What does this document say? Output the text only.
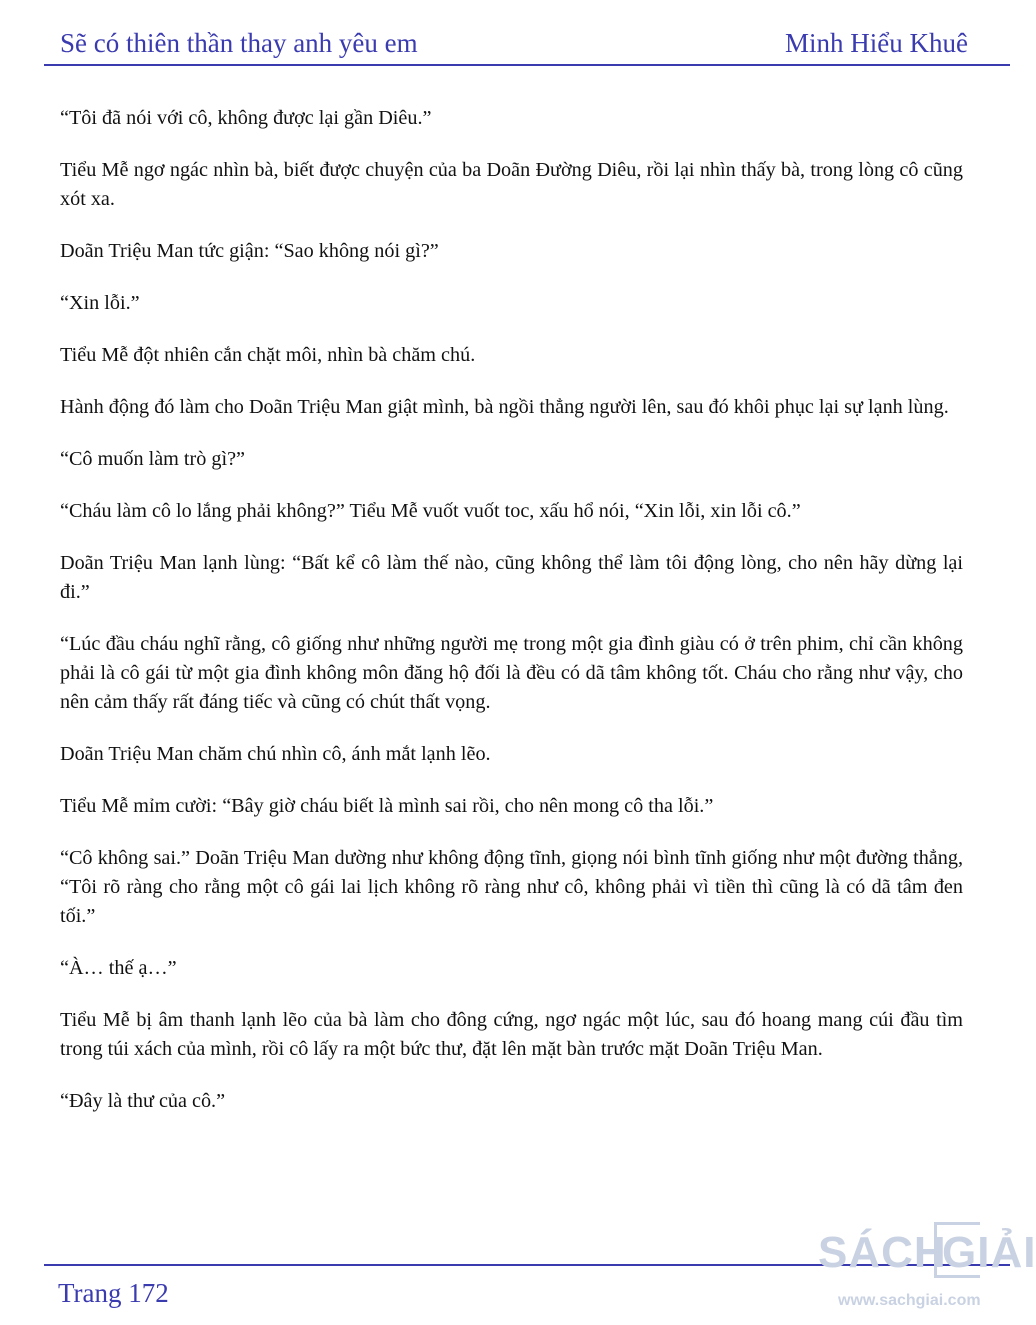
Sẽ có thiên thần thay anh yêu em	Minh Hiểu Khuê

“Tôi đã nói với cô, không được lại gần Diêu.”

Tiểu Mễ ngơ ngác nhìn bà, biết được chuyện của ba Doãn Đường Diêu, rồi lại nhìn thấy bà, trong lòng cô cũng xót xa.

Doãn Triệu Man tức giận: “Sao không nói gì?”

“Xin lỗi.”

Tiểu Mễ đột nhiên cắn chặt môi, nhìn bà chăm chú.

Hành động đó làm cho Doãn Triệu Man giật mình, bà ngồi thẳng người lên, sau đó khôi phục lại sự lạnh lùng.

“Cô muốn làm trò gì?”

“Cháu làm cô lo lắng phải không?” Tiểu Mễ vuốt vuốt toc, xấu hổ nói, “Xin lỗi, xin lỗi cô.”

Doãn Triệu Man lạnh lùng: “Bất kể cô làm thế nào, cũng không thể làm tôi động lòng, cho nên hãy dừng lại đi.”

“Lúc đầu cháu nghĩ rằng, cô giống như những người mẹ trong một gia đình giàu có ở trên phim, chỉ cần không phải là cô gái từ một gia đình không môn đăng hộ đối là đều có dã tâm không tốt. Cháu cho rằng như vậy, cho nên cảm thấy rất đáng tiếc và cũng có chút thất vọng.

Doãn Triệu Man chăm chú nhìn cô, ánh mắt lạnh lẽo.

Tiểu Mễ mỉm cười: “Bây giờ cháu biết là mình sai rồi, cho nên mong cô tha lỗi.”

“Cô không sai.” Doãn Triệu Man dường như không động tĩnh, giọng nói bình tĩnh giống như một đường thẳng, “Tôi rõ ràng cho rằng một cô gái lai lịch không rõ ràng như cô, không phải vì tiền thì cũng là có dã tâm đen tối.”

“À… thế ạ…”

Tiểu Mễ bị âm thanh lạnh lẽo của bà làm cho đông cứng, ngơ ngác một lúc, sau đó hoang mang cúi đầu tìm trong túi xách của mình, rồi cô lấy ra một bức thư, đặt lên mặt bàn trước mặt Doãn Triệu Man.

“Đây là thư của cô.”

Trang 172
SÁCH
GIẢI
www.sachgiai.com
